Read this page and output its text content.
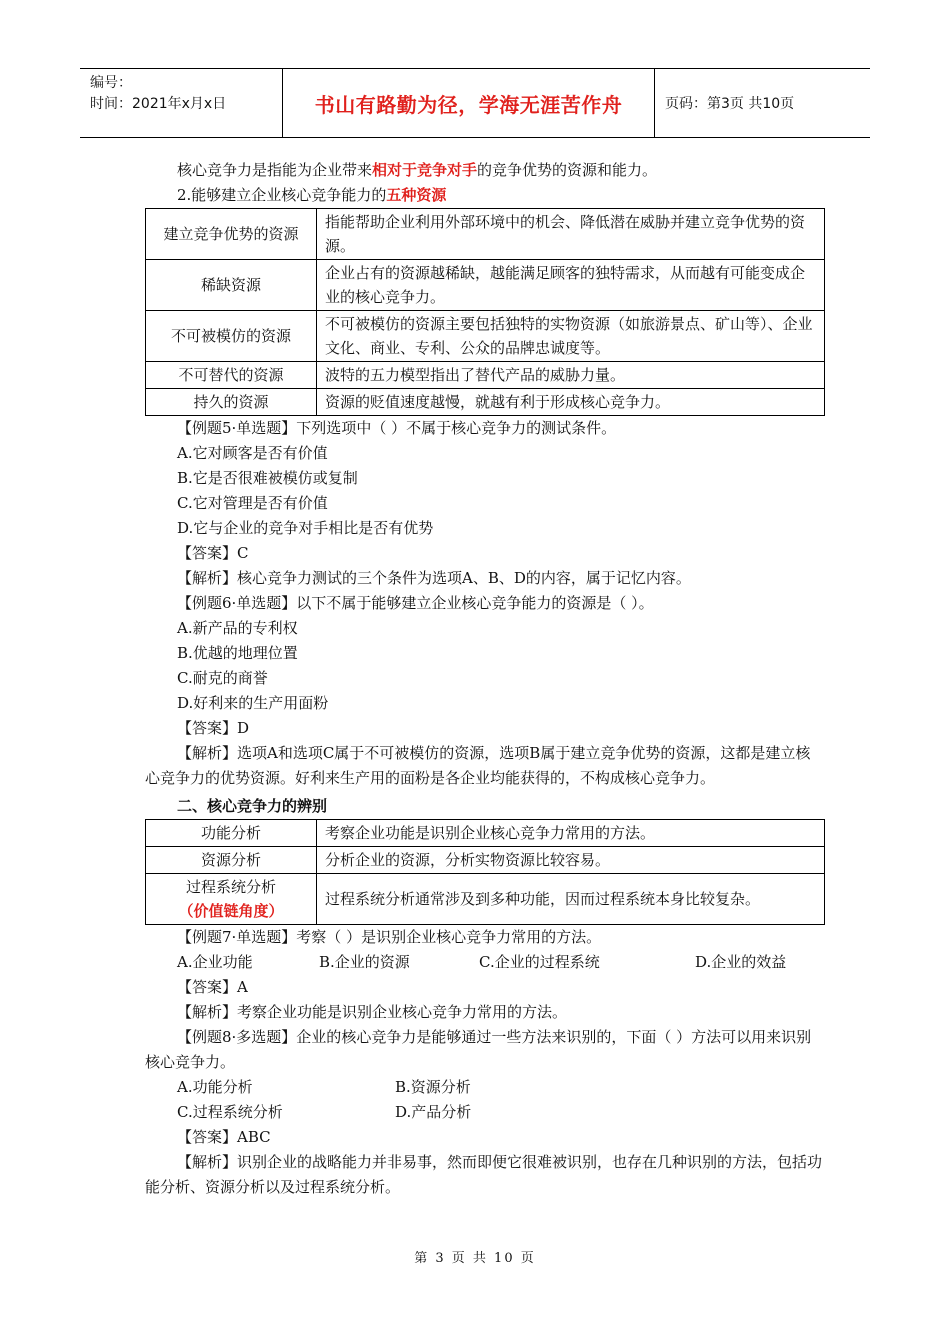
编号：
时间：2021年x月x日	书山有路勤为径，学海无涯苦作舟	页码：第3页 共10页
核心竞争力是指能为企业带来相对于竞争对手的竞争优势的资源和能力。
2.能够建立企业核心竞争能力的五种资源
建立竞争优势的资源	指能帮助企业利用外部环境中的机会、降低潜在威胁并建立竞争优势的资源。
稀缺资源	企业占有的资源越稀缺，越能满足顾客的独特需求，从而越有可能变成企业的核心竞争力。
不可被模仿的资源	不可被模仿的资源主要包括独特的实物资源（如旅游景点、矿山等）、企业文化、商业、专利、公众的品牌忠诚度等。
不可替代的资源	波特的五力模型指出了替代产品的威胁力量。
持久的资源	资源的贬值速度越慢，就越有利于形成核心竞争力。
【例题5·单选题】下列选项中（ ）不属于核心竞争力的测试条件。
A.它对顾客是否有价值
B.它是否很难被模仿或复制
C.它对管理是否有价值
D.它与企业的竞争对手相比是否有优势
【答案】C
【解析】核心竞争力测试的三个条件为选项A、B、D的内容，属于记忆内容。
【例题6·单选题】以下不属于能够建立企业核心竞争能力的资源是（ ）。
A.新产品的专利权
B.优越的地理位置
C.耐克的商誉
D.好利来的生产用面粉
【答案】D
【解析】选项A和选项C属于不可被模仿的资源，选项B属于建立竞争优势的资源，这都是建立核心竞争力的优势资源。好利来生产用的面粉是各企业均能获得的，不构成核心竞争力。
二、核心竞争力的辨别
功能分析	考察企业功能是识别企业核心竞争力常用的方法。
资源分析	分析企业的资源，分析实物资源比较容易。

过程系统分析
（价值链角度）	过程系统分析通常涉及到多种功能，因而过程系统本身比较复杂。
【例题7·单选题】考察（ ）是识别企业核心竞争力常用的方法。
A.企业功能	B.企业的资源	C.企业的过程系统	D.企业的效益
【答案】A
【解析】考察企业功能是识别企业核心竞争力常用的方法。
【例题8·多选题】企业的核心竞争力是能够通过一些方法来识别的，下面（ ）方法可以用来识别核心竞争力。
A.功能分析	B.资源分析
C.过程系统分析	D.产品分析
【答案】ABC
【解析】识别企业的战略能力并非易事，然而即便它很难被识别，也存在几种识别的方法，包括功能分析、资源分析以及过程系统分析。
第 3 页 共 10 页
